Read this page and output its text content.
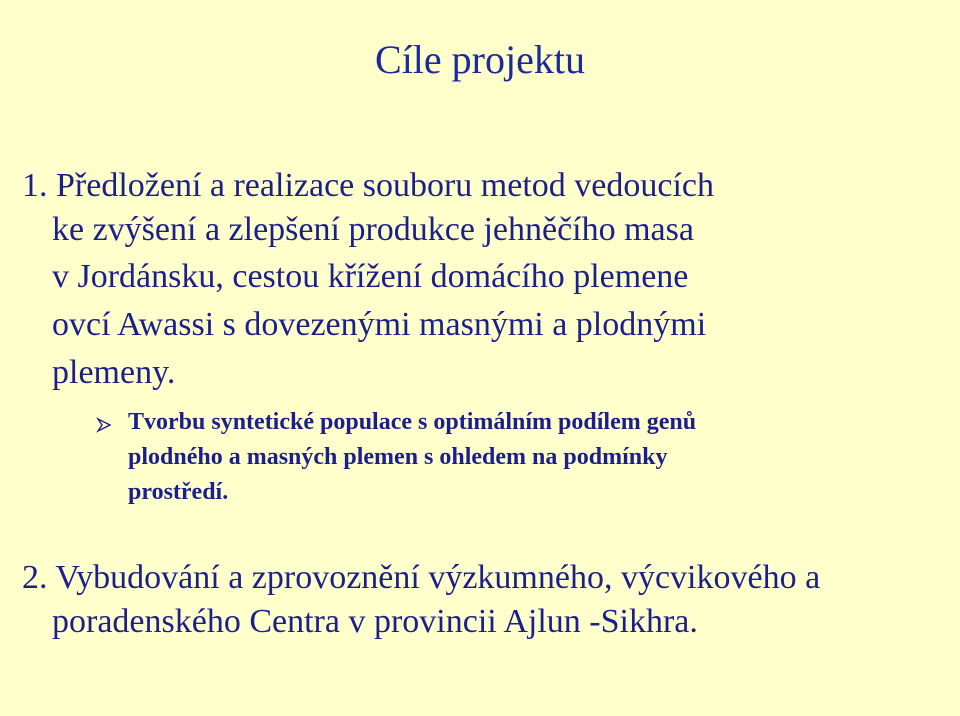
Cíle projektu
1. Předložení a realizace souboru metod vedoucích
ke zvýšení a zlepšení produkce jehněčího masa
v Jordánsku, cestou křížení domácího plemene
ovcí Awassi s dovezenými masnými a plodnými
plemeny.
Tvorbu syntetické populace s optimálním podílem genů
plodného a masných plemen s ohledem na podmínky
prostředí.
2. Vybudování a zprovoznění výzkumného, výcvikového a
poradenského Centra v provincii Ajlun -Sikhra.
